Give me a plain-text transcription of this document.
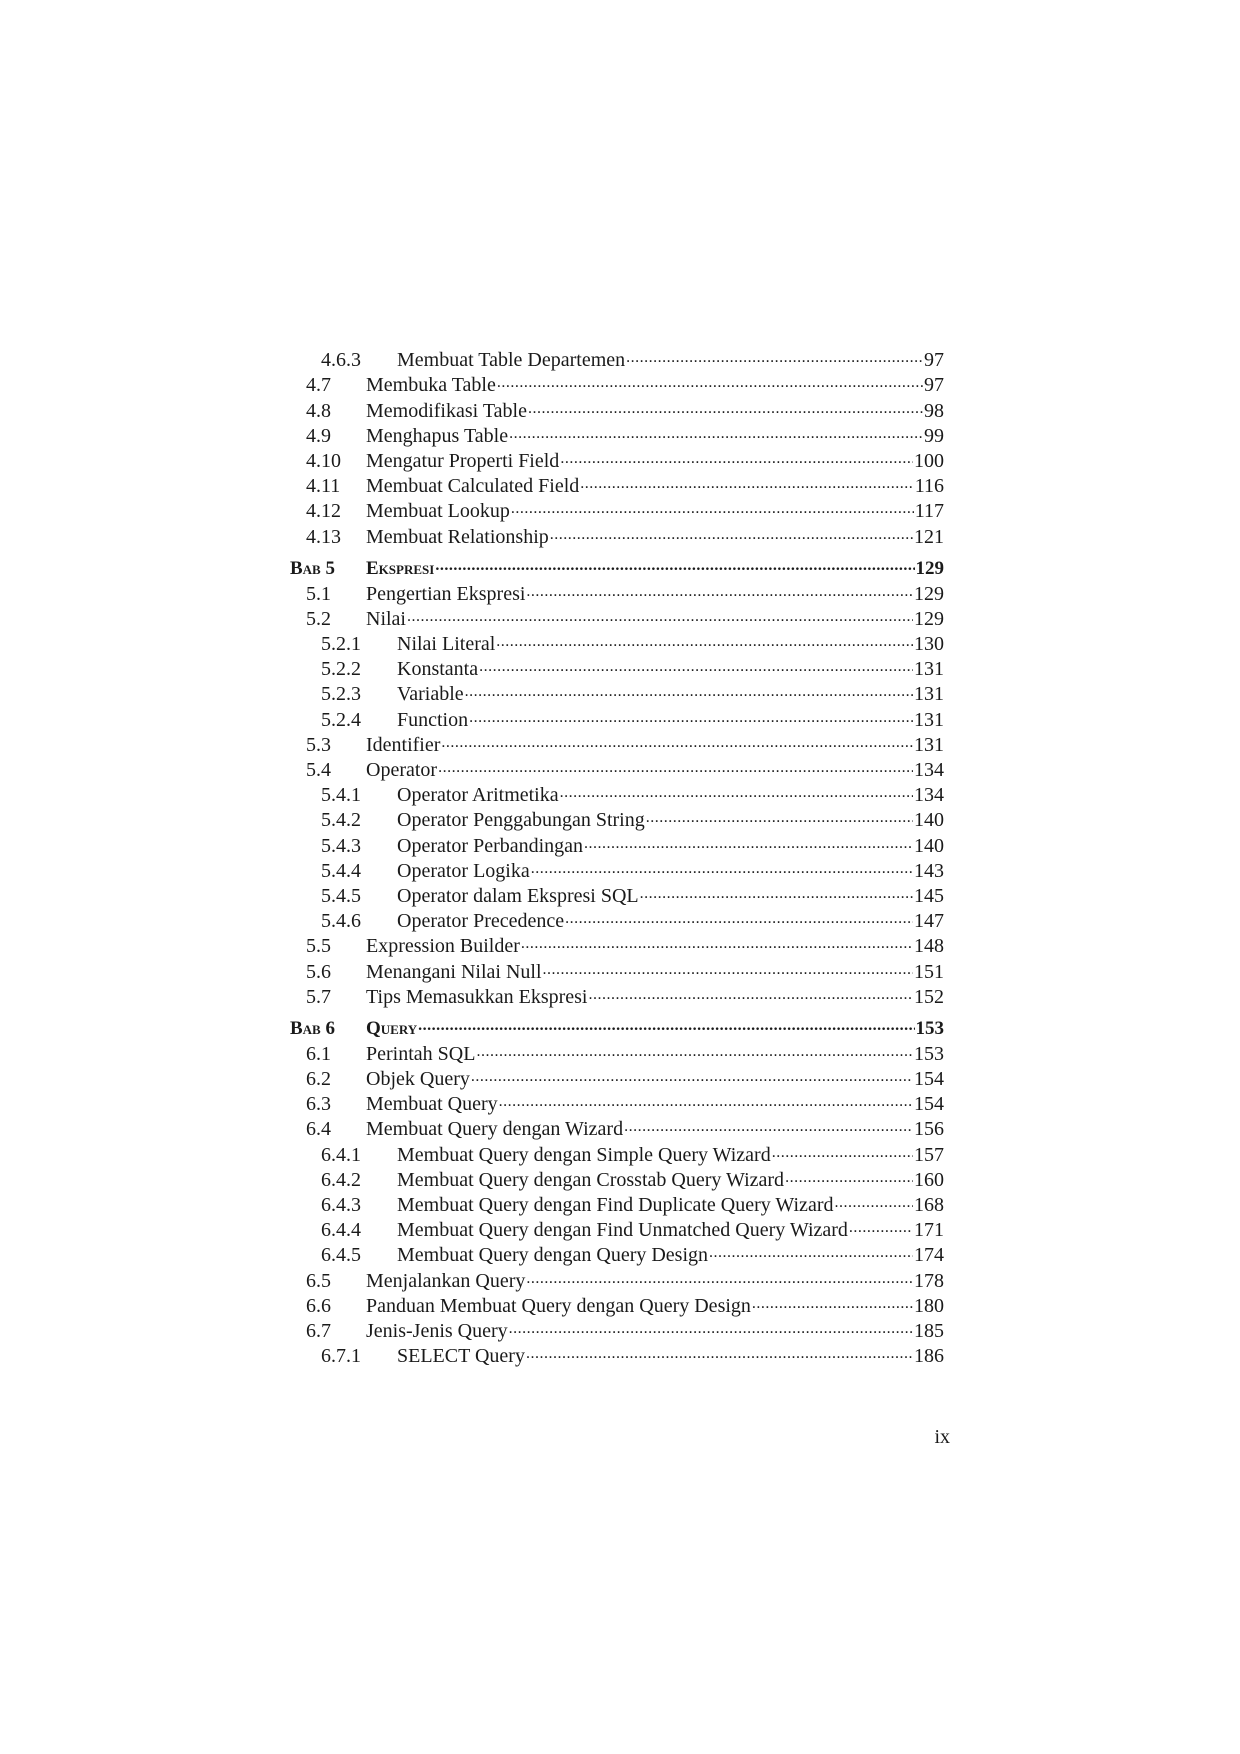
4.6.3	Membuat Table Departemen .....	97
4.7	Membuka Table .....	97
4.8	Memodifikasi Table .....	98
4.9	Menghapus Table .....	99
4.10	Mengatur Properti Field .....	100
4.11	Membuat Calculated Field .....	116
4.12	Membuat Lookup .....	117
4.13	Membuat Relationship .....	121
Bab 5	Ekspresi .....	129
5.1	Pengertian Ekspresi .....	129
5.2	Nilai .....	129
5.2.1	Nilai Literal .....	130
5.2.2	Konstanta .....	131
5.2.3	Variable .....	131
5.2.4	Function .....	131
5.3	Identifier .....	131
5.4	Operator .....	134
5.4.1	Operator Aritmetika .....	134
5.4.2	Operator Penggabungan String .....	140
5.4.3	Operator Perbandingan .....	140
5.4.4	Operator Logika .....	143
5.4.5	Operator dalam Ekspresi SQL .....	145
5.4.6	Operator Precedence .....	147
5.5	Expression Builder .....	148
5.6	Menangani Nilai Null .....	151
5.7	Tips Memasukkan Ekspresi .....	152
Bab 6	Query .....	153
6.1	Perintah SQL .....	153
6.2	Objek Query .....	154
6.3	Membuat Query .....	154
6.4	Membuat Query dengan Wizard .....	156
6.4.1	Membuat Query dengan Simple Query Wizard .....	157
6.4.2	Membuat Query dengan Crosstab Query Wizard .....	160
6.4.3	Membuat Query dengan Find Duplicate Query Wizard .....	168
6.4.4	Membuat Query dengan Find Unmatched Query Wizard .....	171
6.4.5	Membuat Query dengan Query Design .....	174
6.5	Menjalankan Query .....	178
6.6	Panduan Membuat Query dengan Query Design .....	180
6.7	Jenis-Jenis Query .....	185
6.7.1	SELECT Query .....	186
ix
